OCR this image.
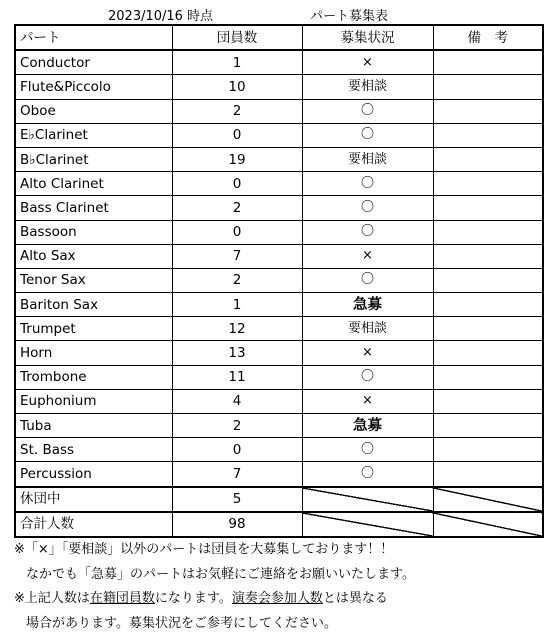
2023/10/16 時点	パート募集表
パート	団員数	募集状況	備　考
Conductor	1	×	
Flute&Piccolo	10	要相談	
Oboe	2	〇	
E♭Clarinet	0	〇	
B♭Clarinet	19	要相談	
Alto Clarinet	0	〇	
Bass Clarinet	2	〇	
Bassoon	0	〇	
Alto Sax	7	×	
Tenor Sax	2	〇	
Bariton Sax	1	急募	
Trumpet	12	要相談	
Horn	13	×	
Trombone	11	〇	
Euphonium	4	×	
Tuba	2	急募	
St. Bass	0	〇	
Percussion	7	〇	
休団中	5		
合計人数	98		
※「×」「要相談」以外のパートは団員を大募集しております！！
なかでも「急募」のパートはお気軽にご連絡をお願いいたします。
※上記人数は在籍団員数になります。演奏会参加人数とは異なる
場合があります。募集状況をご参考にしてください。
